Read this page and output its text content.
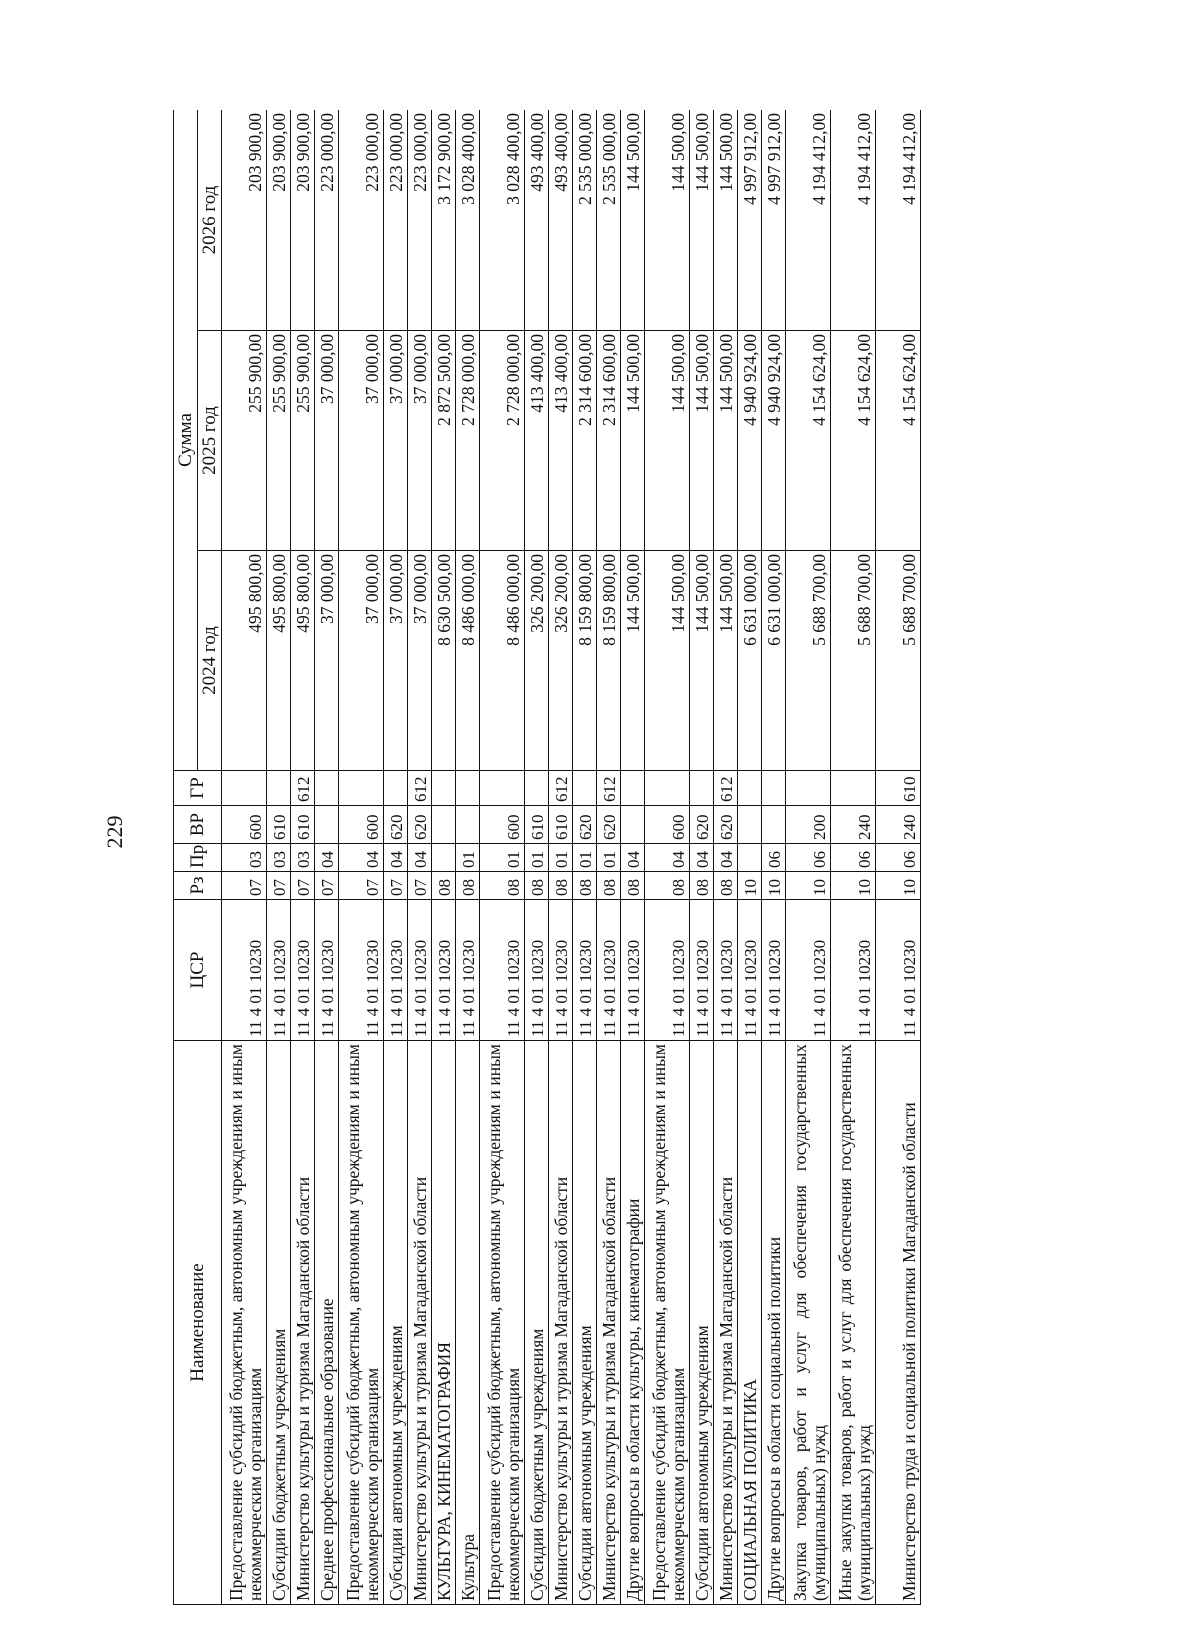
229
Наименование	ЦСР	Рз	Пр	ВР	ГР	Сумма		
						2024 год	2025 год	2026 год
Предоставление субсидий бюджетным, автономным учреждениям и иным некоммерческим организациям	11 4 01 10230	07	03	600		495 800,00	255 900,00	203 900,00
Субсидии бюджетным учреждениям	11 4 01 10230	07	03	610		495 800,00	255 900,00	203 900,00
Министерство культуры и туризма Магаданской области	11 4 01 10230	07	03	610	612	495 800,00	255 900,00	203 900,00
Среднее профессиональное образование	11 4 01 10230	07	04			37 000,00	37 000,00	223 000,00
Предоставление субсидий бюджетным, автономным учреждениям и иным некоммерческим организациям	11 4 01 10230	07	04	600		37 000,00	37 000,00	223 000,00
Субсидии автономным учреждениям	11 4 01 10230	07	04	620		37 000,00	37 000,00	223 000,00
Министерство культуры и туризма Магаданской области	11 4 01 10230	07	04	620	612	37 000,00	37 000,00	223 000,00
КУЛЬТУРА, КИНЕМАТОГРАФИЯ	11 4 01 10230	08				8 630 500,00	2 872 500,00	3 172 900,00
Культура	11 4 01 10230	08	01			8 486 000,00	2 728 000,00	3 028 400,00
Предоставление субсидий бюджетным, автономным учреждениям и иным некоммерческим организациям	11 4 01 10230	08	01	600		8 486 000,00	2 728 000,00	3 028 400,00
Субсидии бюджетным учреждениям	11 4 01 10230	08	01	610		326 200,00	413 400,00	493 400,00
Министерство культуры и туризма Магаданской области	11 4 01 10230	08	01	610	612	326 200,00	413 400,00	493 400,00
Субсидии автономным учреждениям	11 4 01 10230	08	01	620		8 159 800,00	2 314 600,00	2 535 000,00
Министерство культуры и туризма Магаданской области	11 4 01 10230	08	01	620	612	8 159 800,00	2 314 600,00	2 535 000,00
Другие вопросы в области культуры, кинематографии	11 4 01 10230	08	04			144 500,00	144 500,00	144 500,00
Предоставление субсидий бюджетным, автономным учреждениям и иным некоммерческим организациям	11 4 01 10230	08	04	600		144 500,00	144 500,00	144 500,00
Субсидии автономным учреждениям	11 4 01 10230	08	04	620		144 500,00	144 500,00	144 500,00
Министерство культуры и туризма Магаданской области	11 4 01 10230	08	04	620	612	144 500,00	144 500,00	144 500,00
СОЦИАЛЬНАЯ ПОЛИТИКА	11 4 01 10230	10				6 631 000,00	4 940 924,00	4 997 912,00
Другие вопросы в области социальной политики	11 4 01 10230	10	06			6 631 000,00	4 940 924,00	4 997 912,00
Закупка товаров, работ и услуг для обеспечения государственных (муниципальных) нужд	11 4 01 10230	10	06	200		5 688 700,00	4 154 624,00	4 194 412,00
Иные закупки товаров, работ и услуг для обеспечения государственных (муниципальных) нужд	11 4 01 10230	10	06	240		5 688 700,00	4 154 624,00	4 194 412,00
Министерство труда и социальной политики Магаданской области	11 4 01 10230	10	06	240	610	5 688 700,00	4 154 624,00	4 194 412,00
